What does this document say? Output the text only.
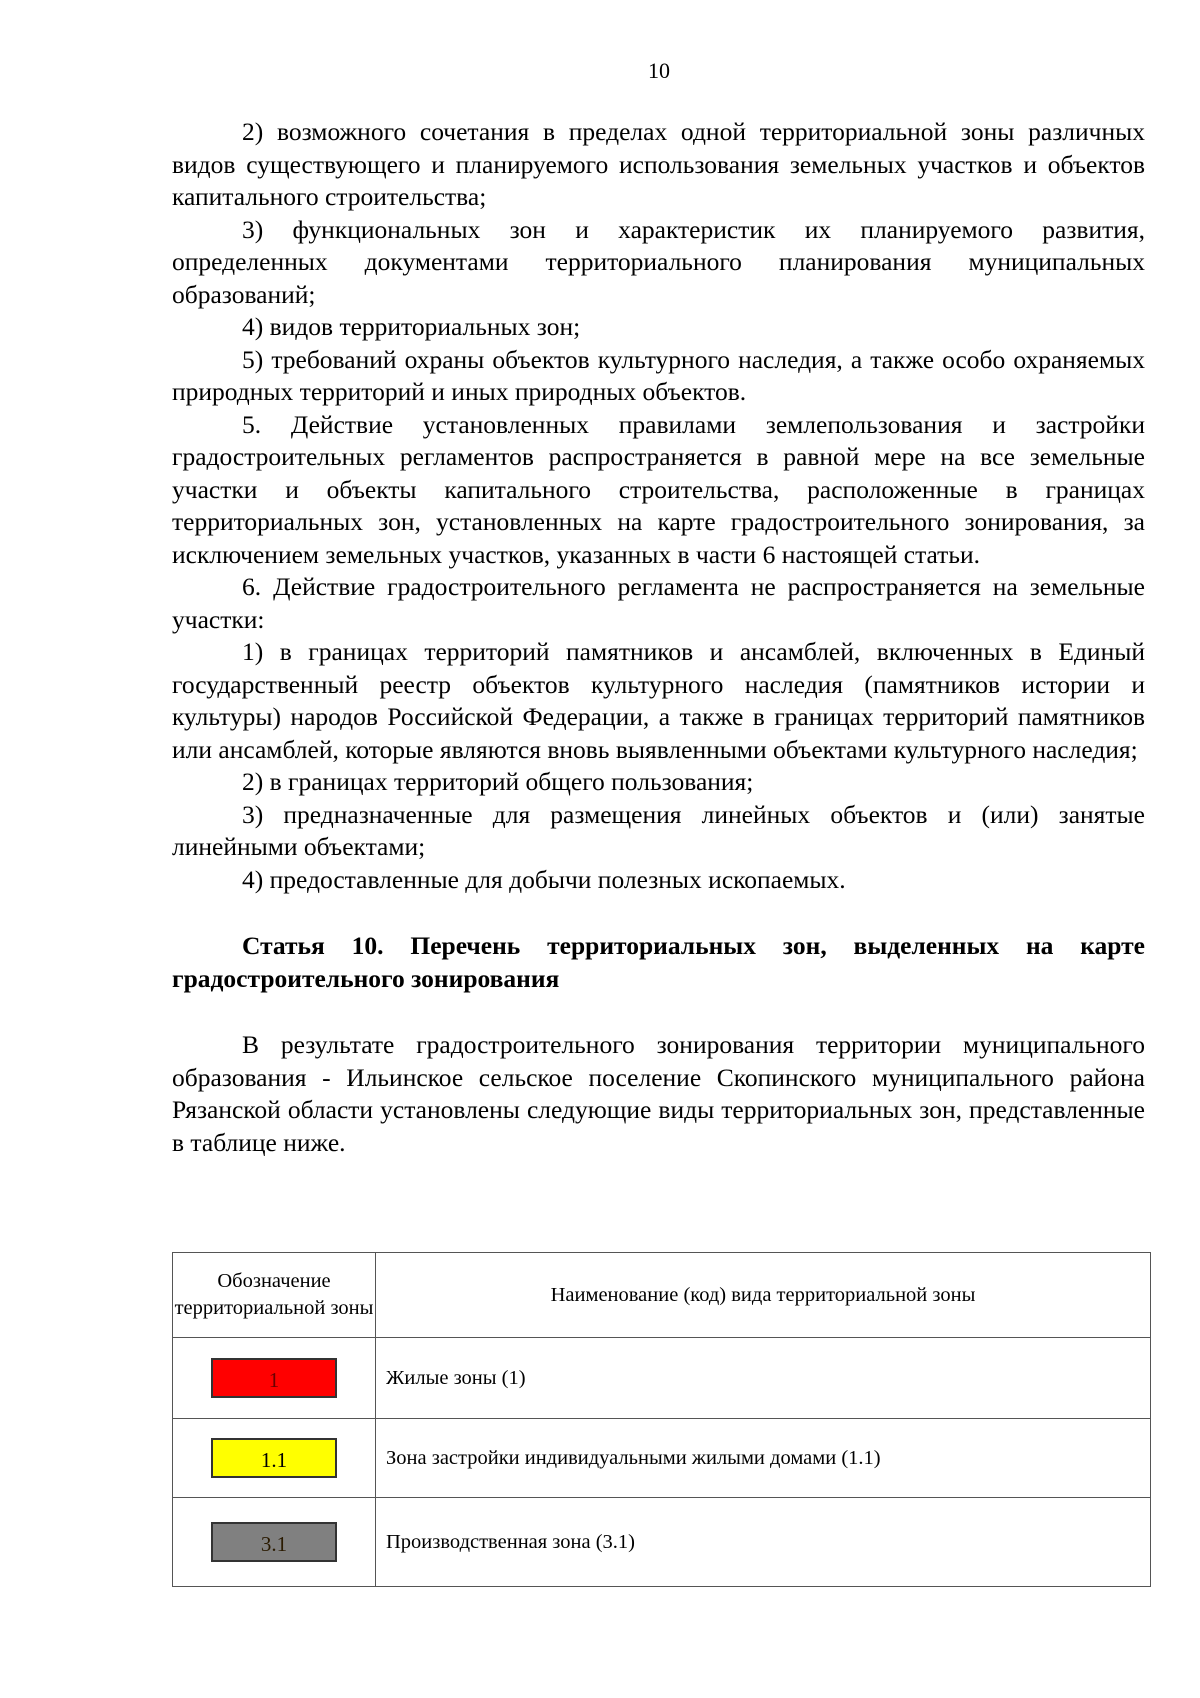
10

2) возможного сочетания в пределах одной территориальной зоны различных видов существующего и планируемого использования земельных участков и объектов капитального строительства;

3) функциональных зон и характеристик их планируемого развития, определенных документами территориального планирования муниципальных образований;

4) видов территориальных зон;

5) требований охраны объектов культурного наследия, а также особо охраняемых природных территорий и иных природных объектов.

5. Действие установленных правилами землепользования и застройки градостроительных регламентов распространяется в равной мере на все земельные участки и объекты капитального строительства, расположенные в границах территориальных зон, установленных на карте градостроительного зонирования, за исключением земельных участков, указанных в части 6 настоящей статьи.

6. Действие градостроительного регламента не распространяется на земельные участки:

1) в границах территорий памятников и ансамблей, включенных в Единый государственный реестр объектов культурного наследия (памятников истории и культуры) народов Российской Федерации, а также в границах территорий памятников или ансамблей, которые являются вновь выявленными объектами культурного наследия;

2) в границах территорий общего пользования;

3) предназначенные для размещения линейных объектов и (или) занятые линейными объектами;

4) предоставленные для добычи полезных ископаемых.

Статья 10. Перечень территориальных зон, выделенных на карте градостроительного зонирования

В результате градостроительного зонирования территории муниципального образования - Ильинское сельское поселение Скопинского муниципального района Рязанской области установлены следующие виды территориальных зон, представленные в таблице ниже.

Обозначение территориальной зоны	Наименование (код) вида территориальной зоны
1	Жилые зоны (1)
1.1	Зона застройки индивидуальными жилыми домами (1.1)
3.1	Производственная зона (3.1)
